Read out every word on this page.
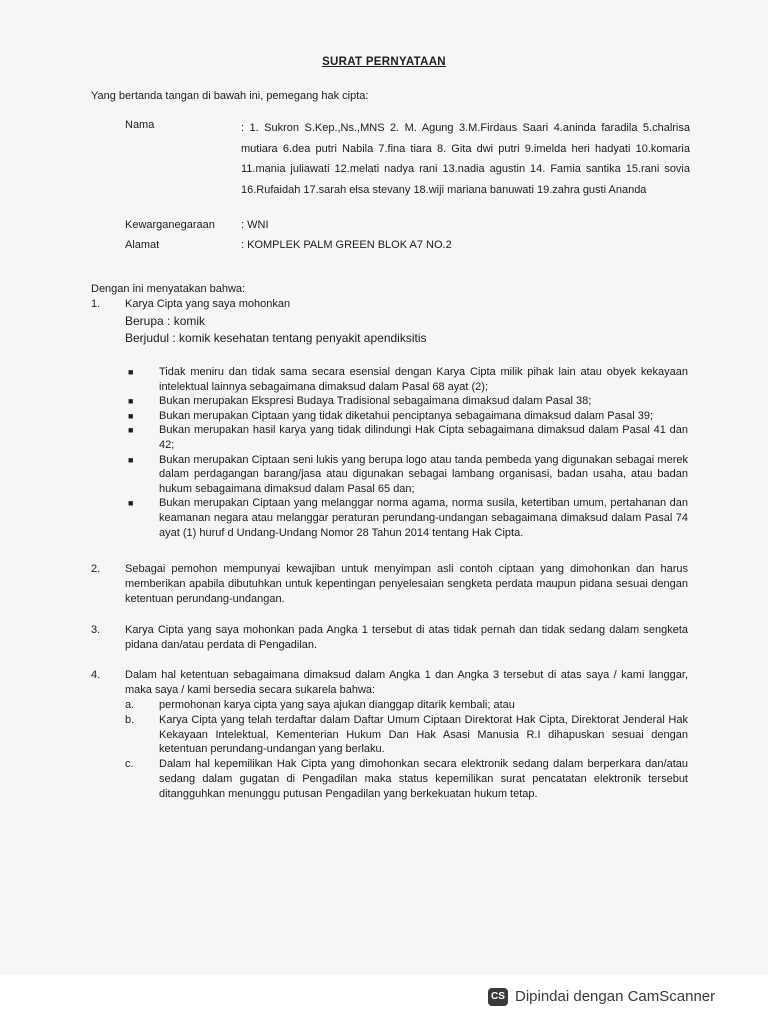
SURAT PERNYATAAN
Yang bertanda tangan di bawah ini, pemegang hak cipta:
Nama	: 1. Sukron S.Kep.,Ns.,MNS 2. M. Agung 3.M.Firdaus Saari 4.aninda faradila 5.chalrisa mutiara 6.dea putri Nabila 7.fina tiara 8. Gita dwi putri 9.imelda heri hadyati 10.komaria 11.mania juliawati 12.melati nadya rani 13.nadia agustin 14. Famia santika 15.rani sovia 16.Rufaidah 17.sarah elsa stevany 18.wiji mariana banuwati 19.zahra gusti Ananda
Kewarganegaraan : WNI
Alamat	: KOMPLEK PALM GREEN BLOK A7 NO.2
Dengan ini menyatakan bahwa:
1. Karya Cipta yang saya mohonkan
Berupa : komik
Berjudul : komik kesehatan tentang penyakit apendiksitis
■ Tidak meniru dan tidak sama secara esensial dengan Karya Cipta milik pihak lain atau obyek kekayaan intelektual lainnya sebagaimana dimaksud dalam Pasal 68 ayat (2);
■ Bukan merupakan Ekspresi Budaya Tradisional sebagaimana dimaksud dalam Pasal 38;
■ Bukan merupakan Ciptaan yang tidak diketahui penciptanya sebagaimana dimaksud dalam Pasal 39;
■ Bukan merupakan hasil karya yang tidak dilindungi Hak Cipta sebagaimana dimaksud dalam Pasal 41 dan 42;
■ Bukan merupakan Ciptaan seni lukis yang berupa logo atau tanda pembeda yang digunakan sebagai merek dalam perdagangan barang/jasa atau digunakan sebagai lambang organisasi, badan usaha, atau badan hukum sebagaimana dimaksud dalam Pasal 65 dan;
■ Bukan merupakan Ciptaan yang melanggar norma agama, norma susila, ketertiban umum, pertahanan dan keamanan negara atau melanggar peraturan perundang-undangan sebagaimana dimaksud dalam Pasal 74 ayat (1) huruf d Undang-Undang Nomor 28 Tahun 2014 tentang Hak Cipta.
2. Sebagai pemohon mempunyai kewajiban untuk menyimpan asli contoh ciptaan yang dimohonkan dan harus memberikan apabila dibutuhkan untuk kepentingan penyelesaian sengketa perdata maupun pidana sesuai dengan ketentuan perundang-undangan.
3. Karya Cipta yang saya mohonkan pada Angka 1 tersebut di atas tidak pernah dan tidak sedang dalam sengketa pidana dan/atau perdata di Pengadilan.
4. Dalam hal ketentuan sebagaimana dimaksud dalam Angka 1 dan Angka 3 tersebut di atas saya / kami langgar, maka saya / kami bersedia secara sukarela bahwa:
a. permohonan karya cipta yang saya ajukan dianggap ditarik kembali; atau
b. Karya Cipta yang telah terdaftar dalam Daftar Umum Ciptaan Direktorat Hak Cipta, Direktorat Jenderal Hak Kekayaan Intelektual, Kementerian Hukum Dan Hak Asasi Manusia R.I dihapuskan sesuai dengan ketentuan perundang-undangan yang berlaku.
c. Dalam hal kepemilikan Hak Cipta yang dimohonkan secara elektronik sedang dalam berperkara dan/atau sedang dalam gugatan di Pengadilan maka status kepemilikan surat pencatatan elektronik tersebut ditangguhkan menunggu putusan Pengadilan yang berkekuatan hukum tetap.
CS Dipindai dengan CamScanner
